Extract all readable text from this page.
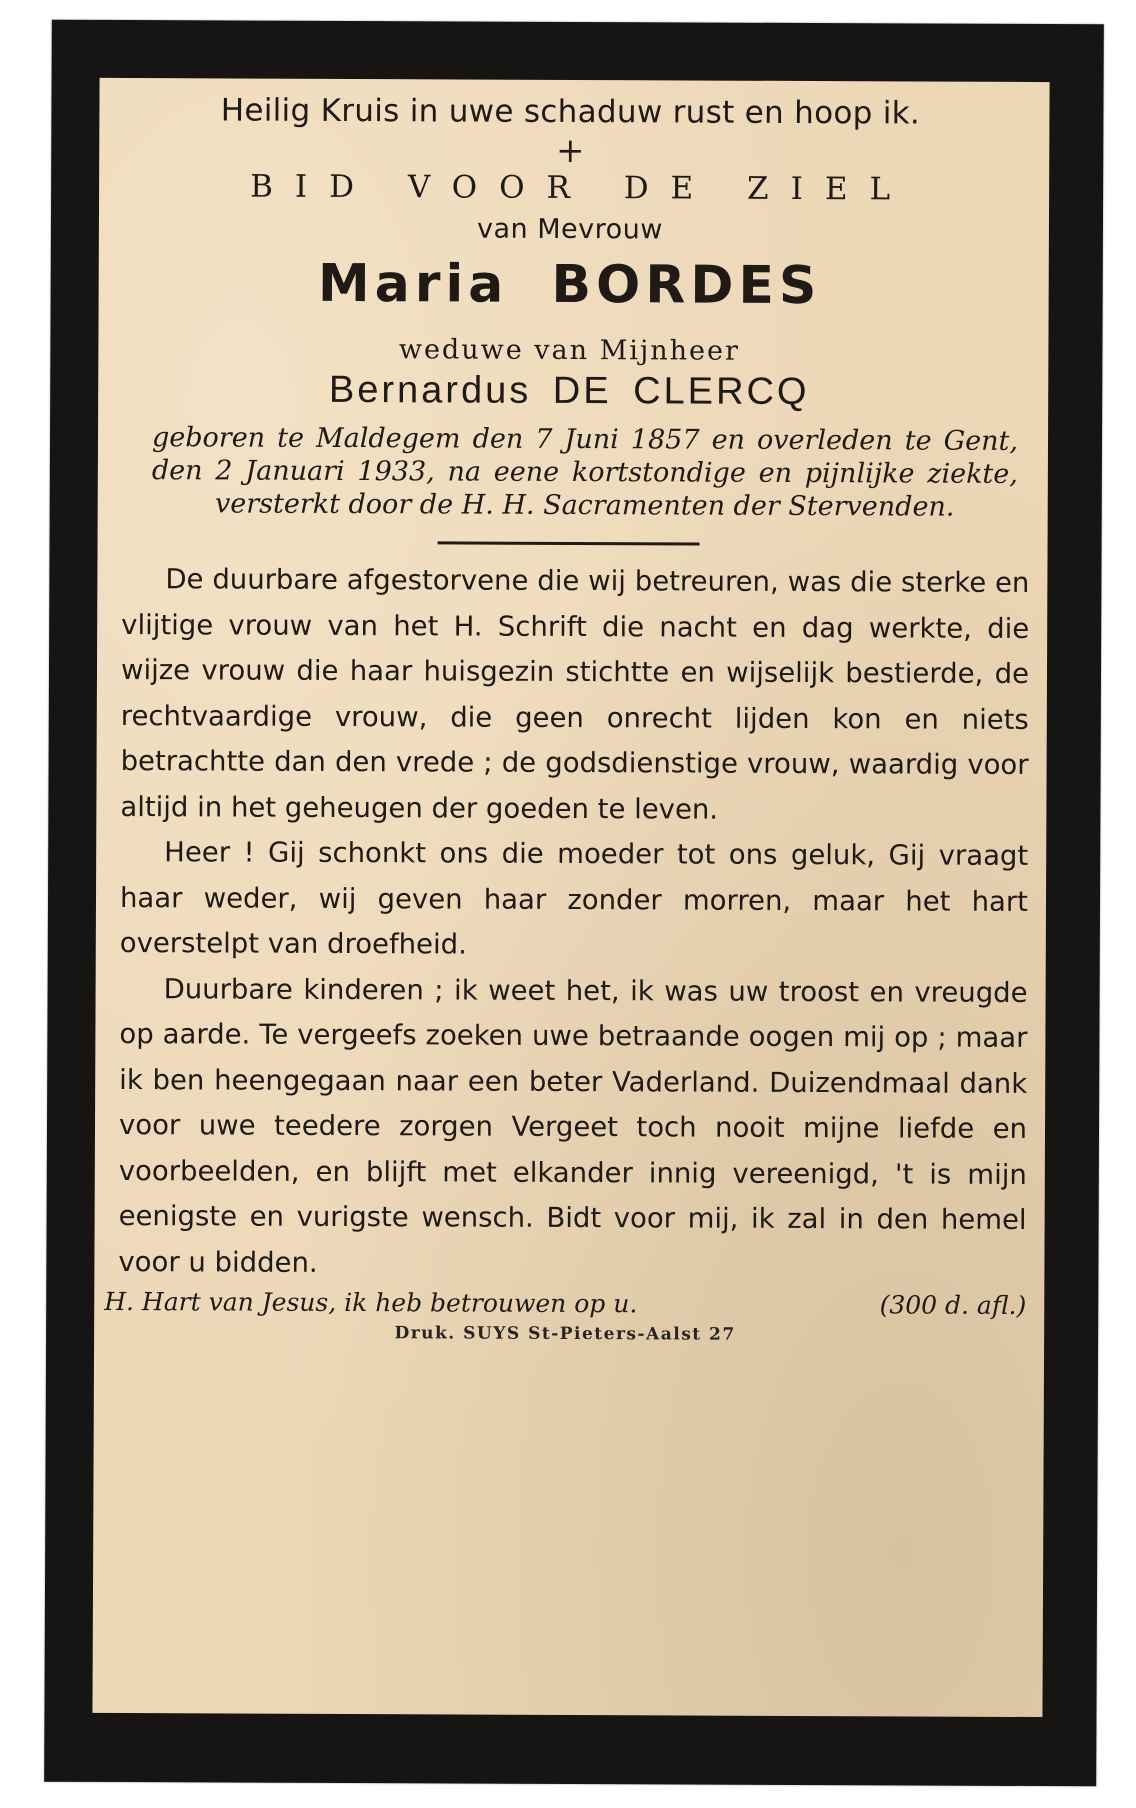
Heilig Kruis in uwe schaduw rust en hoop ik.
+
BID VOOR DE ZIEL
van Mevrouw
Maria BORDES
weduwe van Mijnheer
Bernardus DE CLERCQ
geboren te Maldegem den 7 Juni 1857 en overleden te Gent, den 2 Januari 1933, na eene kortstondige en pijnlijke ziekte, versterkt door de H. H. Sacramenten der Stervenden.

De duurbare afgestorvene die wij betreuren, was die sterke en vlijtige vrouw van het H. Schrift die nacht en dag werkte, die wijze vrouw die haar huisgezin stichtte en wijselijk bestierde, de rechtvaardige vrouw, die geen onrecht lijden kon en niets betrachtte dan den vrede ; de godsdienstige vrouw, waardig voor altijd in het geheugen der goeden te leven.

Heer ! Gij schonkt ons die moeder tot ons geluk, Gij vraagt haar weder, wij geven haar zonder morren, maar het hart overstelpt van droefheid.

Duurbare kinderen ; ik weet het, ik was uw troost en vreugde op aarde. Te vergeefs zoeken uwe betraande oogen mij op ; maar ik ben heengegaan naar een beter Vaderland. Duizendmaal dank voor uwe teedere zorgen Vergeet toch nooit mijne liefde en voorbeelden, en blijft met elkander innig vereenigd, 't is mijn eenigste en vurigste wensch. Bidt voor mij, ik zal in den hemel voor u bidden.

H. Hart van Jesus, ik heb betrouwen op u.	(300 d. afl.)
Druk. SUYS St-Pieters-Aalst 27
